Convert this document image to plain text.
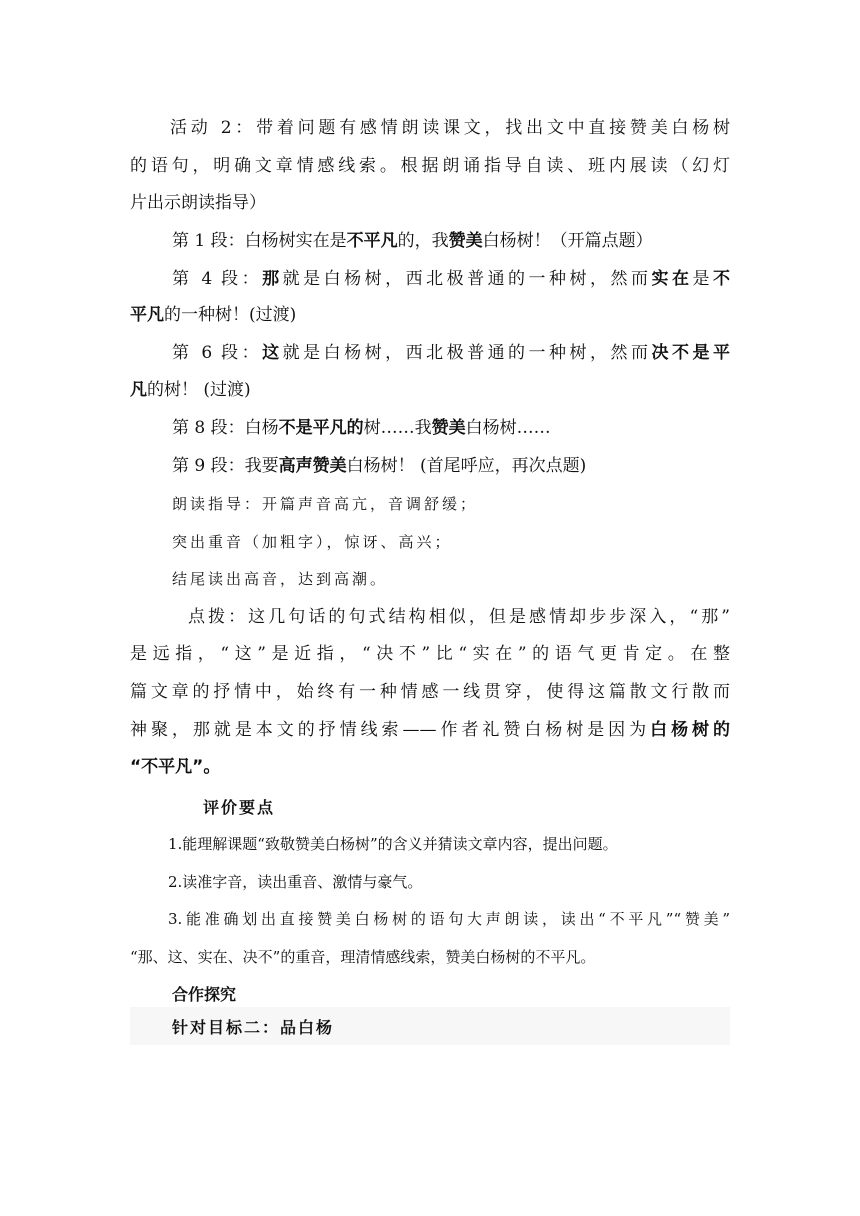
活动 2：带着问题有感情朗读课文，找出文中直接赞美白杨树
的语句，明确文章情感线索。根据朗诵指导自读、班内展读（幻灯
片出示朗读指导）
第 1 段：白杨树实在是不平凡的，我赞美白杨树！（开篇点题）
第 4 段：那就是白杨树，西北极普通的一种树，然而实在是不
平凡的一种树！(过渡)
第 6 段：这就是白杨树，西北极普通的一种树，然而决不是平
凡的树！ (过渡)
第 8 段：白杨不是平凡的树……我赞美白杨树……
第 9 段：我要高声赞美白杨树！ (首尾呼应，再次点题)
朗读指导：开篇声音高亢，音调舒缓；
突出重音（加粗字），惊讶、高兴；
结尾读出高音，达到高潮。
点拨：这几句话的句式结构相似，但是感情却步步深入，“那”
是远指，“这”是近指，“决不”比“实在”的语气更肯定。在整
篇文章的抒情中，始终有一种情感一线贯穿，使得这篇散文行散而
神聚，那就是本文的抒情线索——作者礼赞白杨树是因为白杨树的
“不平凡”。
评价要点
1.能理解课题“致敬赞美白杨树”的含义并猜读文章内容，提出问题。
2.读准字音，读出重音、激情与豪气。
3.能准确划出直接赞美白杨树的语句大声朗读，读出“不平凡”“赞美”
“那、这、实在、决不”的重音，理清情感线索，赞美白杨树的不平凡。
合作探究
针对目标二：品白杨
